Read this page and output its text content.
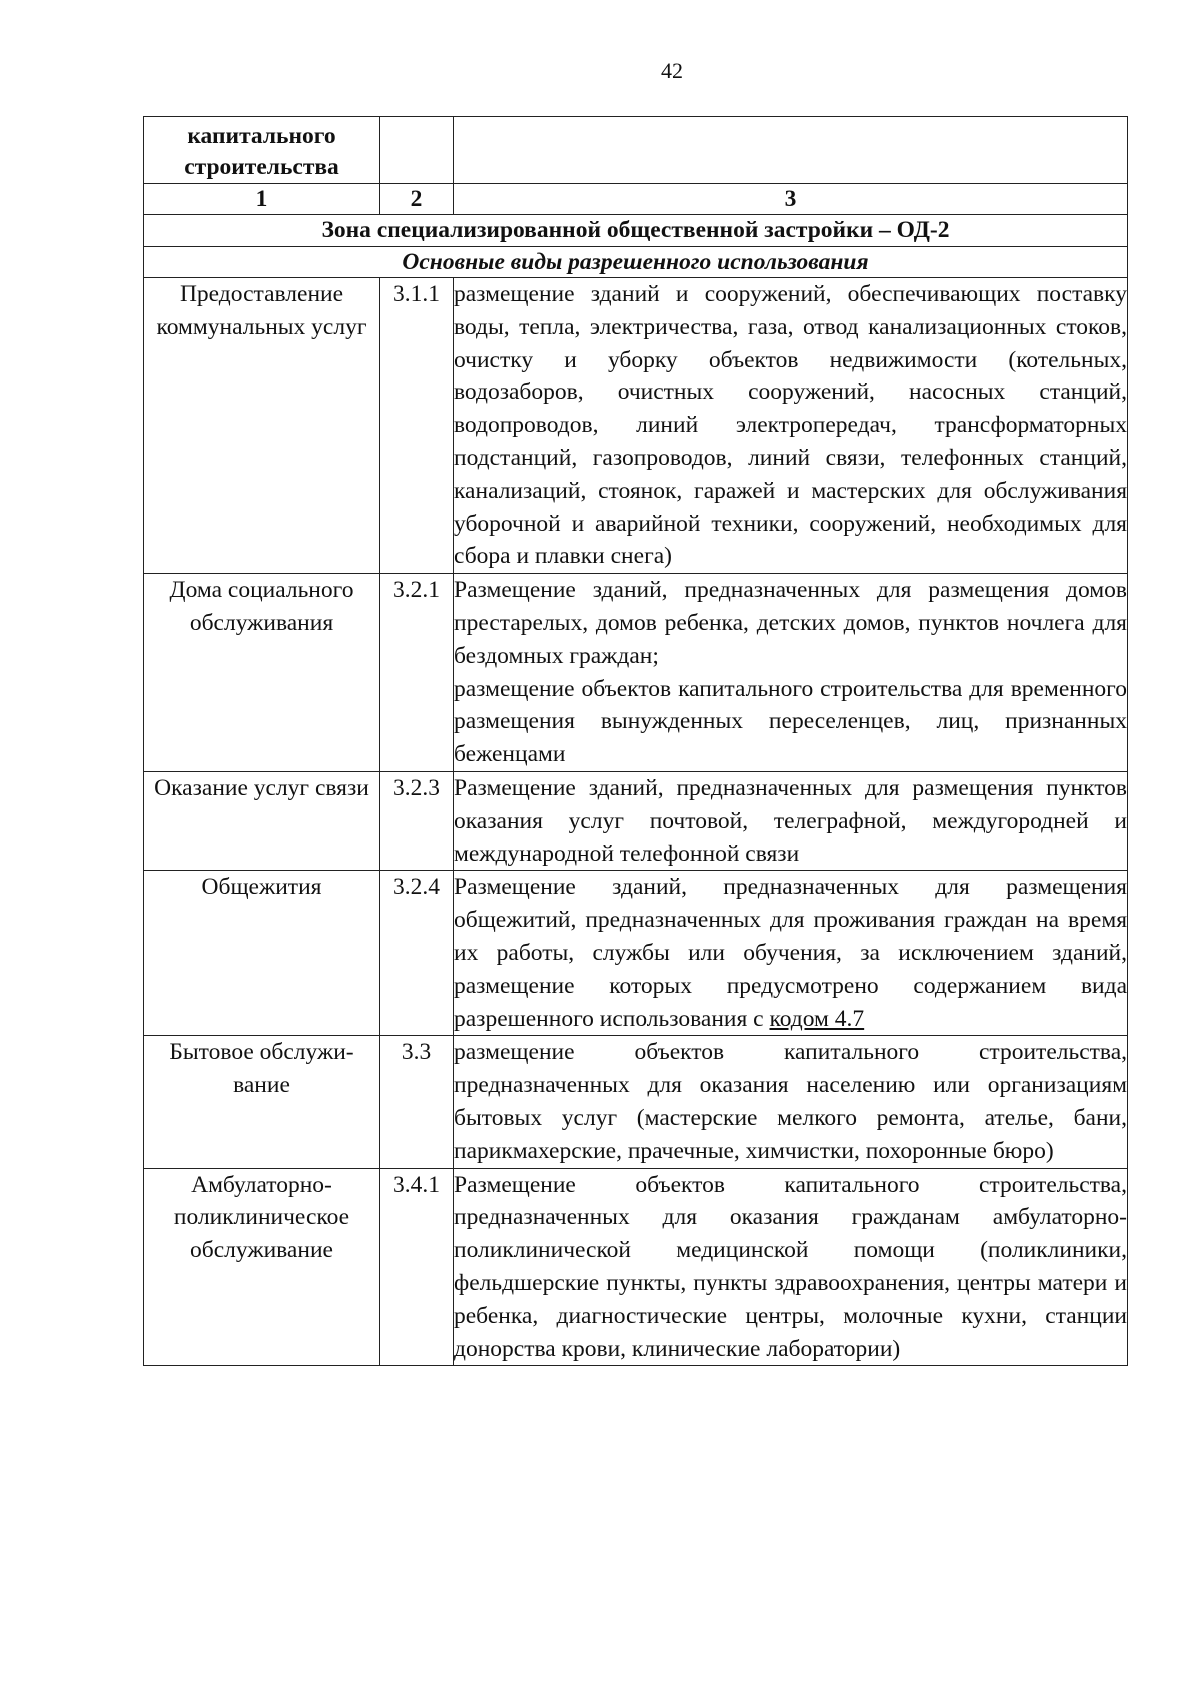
42
капитального строительства		
1	2	3
Зона специализированной общественной застройки – ОД-2		
Основные виды разрешенного использования		
Предоставление коммунальных услуг	3.1.1	размещение зданий и сооружений, обеспечивающих поставку воды, тепла, электричества, газа, отвод канализационных стоков, очистку и уборку объектов недвижимости (котельных, водозаборов, очистных сооружений, насосных станций, водопроводов, линий электропередач, трансформаторных подстанций, газопроводов, линий связи, телефонных станций, канализаций, стоянок, гаражей и мастерских для обслуживания уборочной и аварийной техники, сооружений, необходимых для сбора и плавки снега)

Дома социального обслуживания	3.2.1	Размещение зданий, предназначенных для размещения домов престарелых, домов ребенка, детских домов, пунктов ночлега для бездомных граждан;
размещение объектов капитального строительства для временного размещения вынужденных переселенцев, лиц, признанных беженцами

Оказание услуг связи	3.2.3	Размещение зданий, предназначенных для размещения пунктов оказания услуг почтовой, телеграфной, междугородней и международной телефонной связи

Общежития	3.2.4	Размещение зданий, предназначенных для размещения общежитий, предназначенных для проживания граждан на время их работы, службы или обучения, за исключением зданий, размещение которых предусмотрено содержанием вида разрешенного использования с кодом 4.7

Бытовое обслужи-вание	3.3	размещение объектов капитального строительства, предназначенных для оказания населению или организациям бытовых услуг (мастерские мелкого ремонта, ателье, бани, парикмахерские, прачечные, химчистки, похоронные бюро)

Амбулаторно-поликлиническое обслуживание	3.4.1	Размещение объектов капитального строительства, предназначенных для оказания гражданам амбулаторно-поликлинической медицинской помощи (поликлиники, фельдшерские пункты, пункты здравоохранения, центры матери и ребенка, диагностические центры, молочные кухни, станции донорства крови, клинические лаборатории)
